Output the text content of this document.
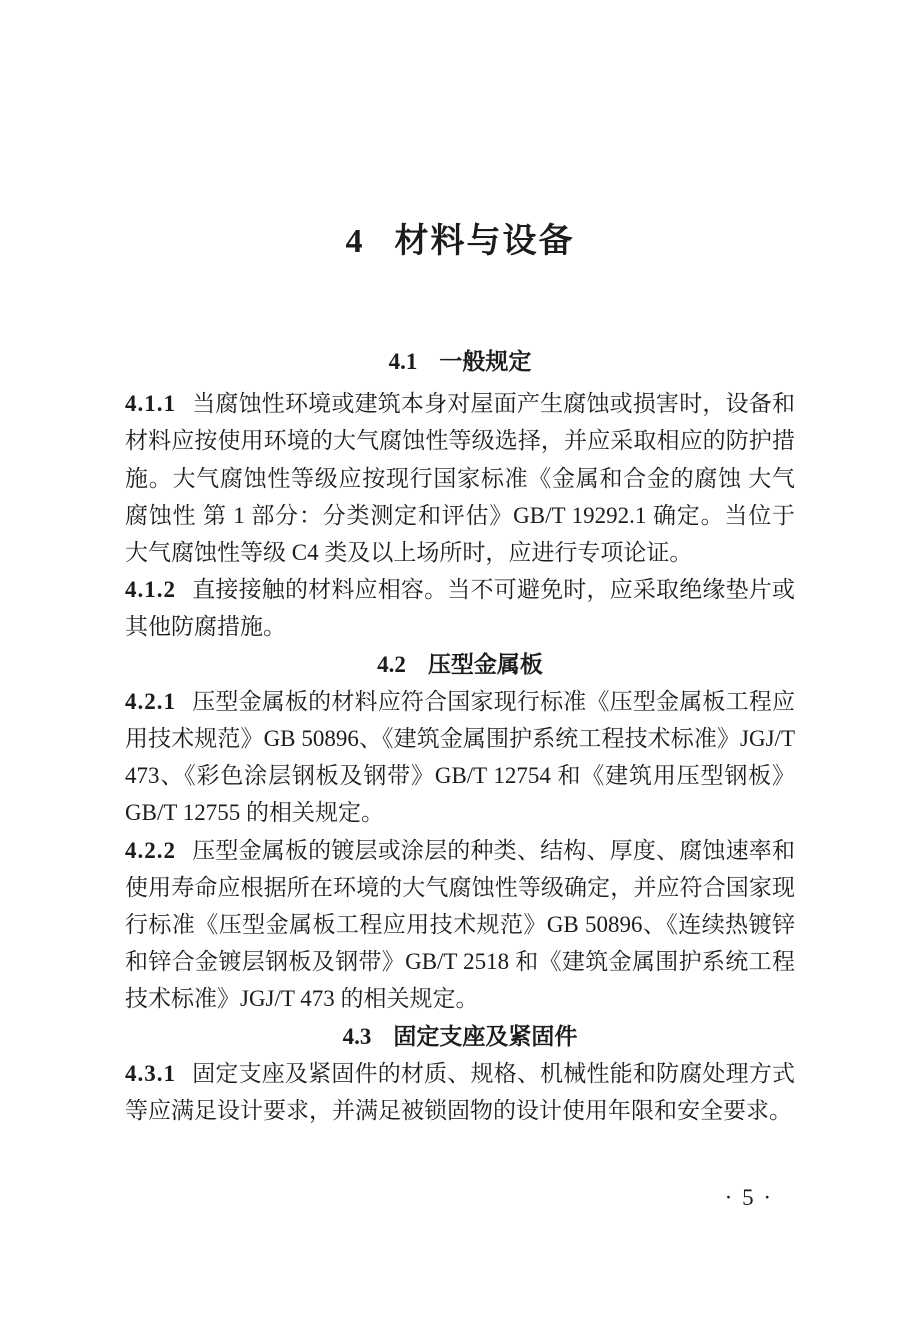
4 材料与设备
4.1 一般规定

4.1.1 当腐蚀性环境或建筑本身对屋面产生腐蚀或损害时，设备和材料应按使用环境的大气腐蚀性等级选择，并应采取相应的防护措施。大气腐蚀性等级应按现行国家标准《金属和合金的腐蚀 大气腐蚀性 第 1 部分：分类测定和评估》GB/T 19292.1 确定。当位于大气腐蚀性等级 C4 类及以上场所时，应进行专项论证。

4.1.2 直接接触的材料应相容。当不可避免时，应采取绝缘垫片或其他防腐措施。

4.2 压型金属板

4.2.1 压型金属板的材料应符合国家现行标准《压型金属板工程应用技术规范》GB 50896、《建筑金属围护系统工程技术标准》JGJ/T 473、《彩色涂层钢板及钢带》GB/T 12754 和《建筑用压型钢板》GB/T 12755 的相关规定。

4.2.2 压型金属板的镀层或涂层的种类、结构、厚度、腐蚀速率和使用寿命应根据所在环境的大气腐蚀性等级确定，并应符合国家现行标准《压型金属板工程应用技术规范》GB 50896、《连续热镀锌和锌合金镀层钢板及钢带》GB/T 2518 和《建筑金属围护系统工程技术标准》JGJ/T 473 的相关规定。

4.3 固定支座及紧固件

4.3.1 固定支座及紧固件的材质、规格、机械性能和防腐处理方式等应满足设计要求，并满足被锁固物的设计使用年限和安全要求。

· 5 ·
